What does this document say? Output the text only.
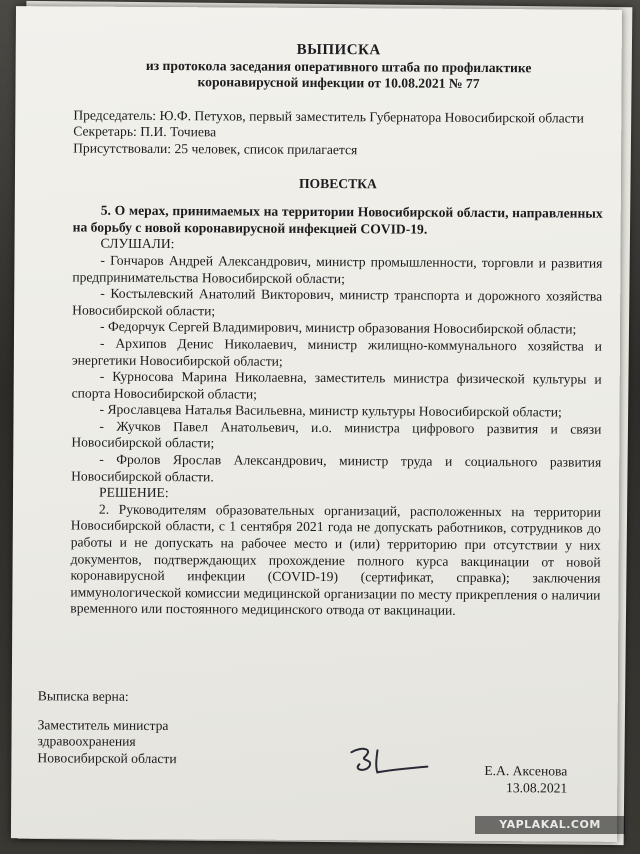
ВЫПИСКА

из протокола заседания оперативного штаба по профилактике

коронавирусной инфекции от 10.08.2021 № 77

Председатель: Ю.Ф. Петухов, первый заместитель Губернатора Новосибирской области

Секретарь: П.И. Точиева

Присутствовали: 25 человек, список прилагается

ПОВЕСТКА

5. О мерах, принимаемых на территории Новосибирской области, направленных на борьбу с новой коронавирусной инфекцией COVID-19.

СЛУШАЛИ:

- Гончаров Андрей Александрович, министр промышленности, торговли и развития предпринимательства Новосибирской области;

- Костылевский Анатолий Викторович, министр транспорта и дорожного хозяйства Новосибирской области;

- Федорчук Сергей Владимирович, министр образования Новосибирской области;

- Архипов Денис Николаевич, министр жилищно-коммунального хозяйства и энергетики Новосибирской области;

- Курносова Марина Николаевна, заместитель министра физической культуры и спорта Новосибирской области;

- Ярославцева Наталья Васильевна, министр культуры Новосибирской области;

- Жучков Павел Анатольевич, и.о. министра цифрового развития и связи Новосибирской области;

- Фролов Ярослав Александрович, министр труда и социального развития Новосибирской области.

РЕШЕНИЕ:

2. Руководителям образовательных организаций, расположенных на территории Новосибирской области, с 1 сентября 2021 года не допускать работников, сотрудников до работы и не допускать на рабочее место и (или) территорию при отсутствии у них документов, подтверждающих прохождение полного курса вакцинации от новой коронавирусной инфекции (COVID-19) (сертификат, справка); заключения иммунологической комиссии медицинской организации по месту прикрепления о наличии временного или постоянного медицинского отвода от вакцинации.

Выписка верна:

Заместитель министра

здравоохранения

Новосибирской области

Е.А. Аксенова

13.08.2021

YAPLAKAL.COM
